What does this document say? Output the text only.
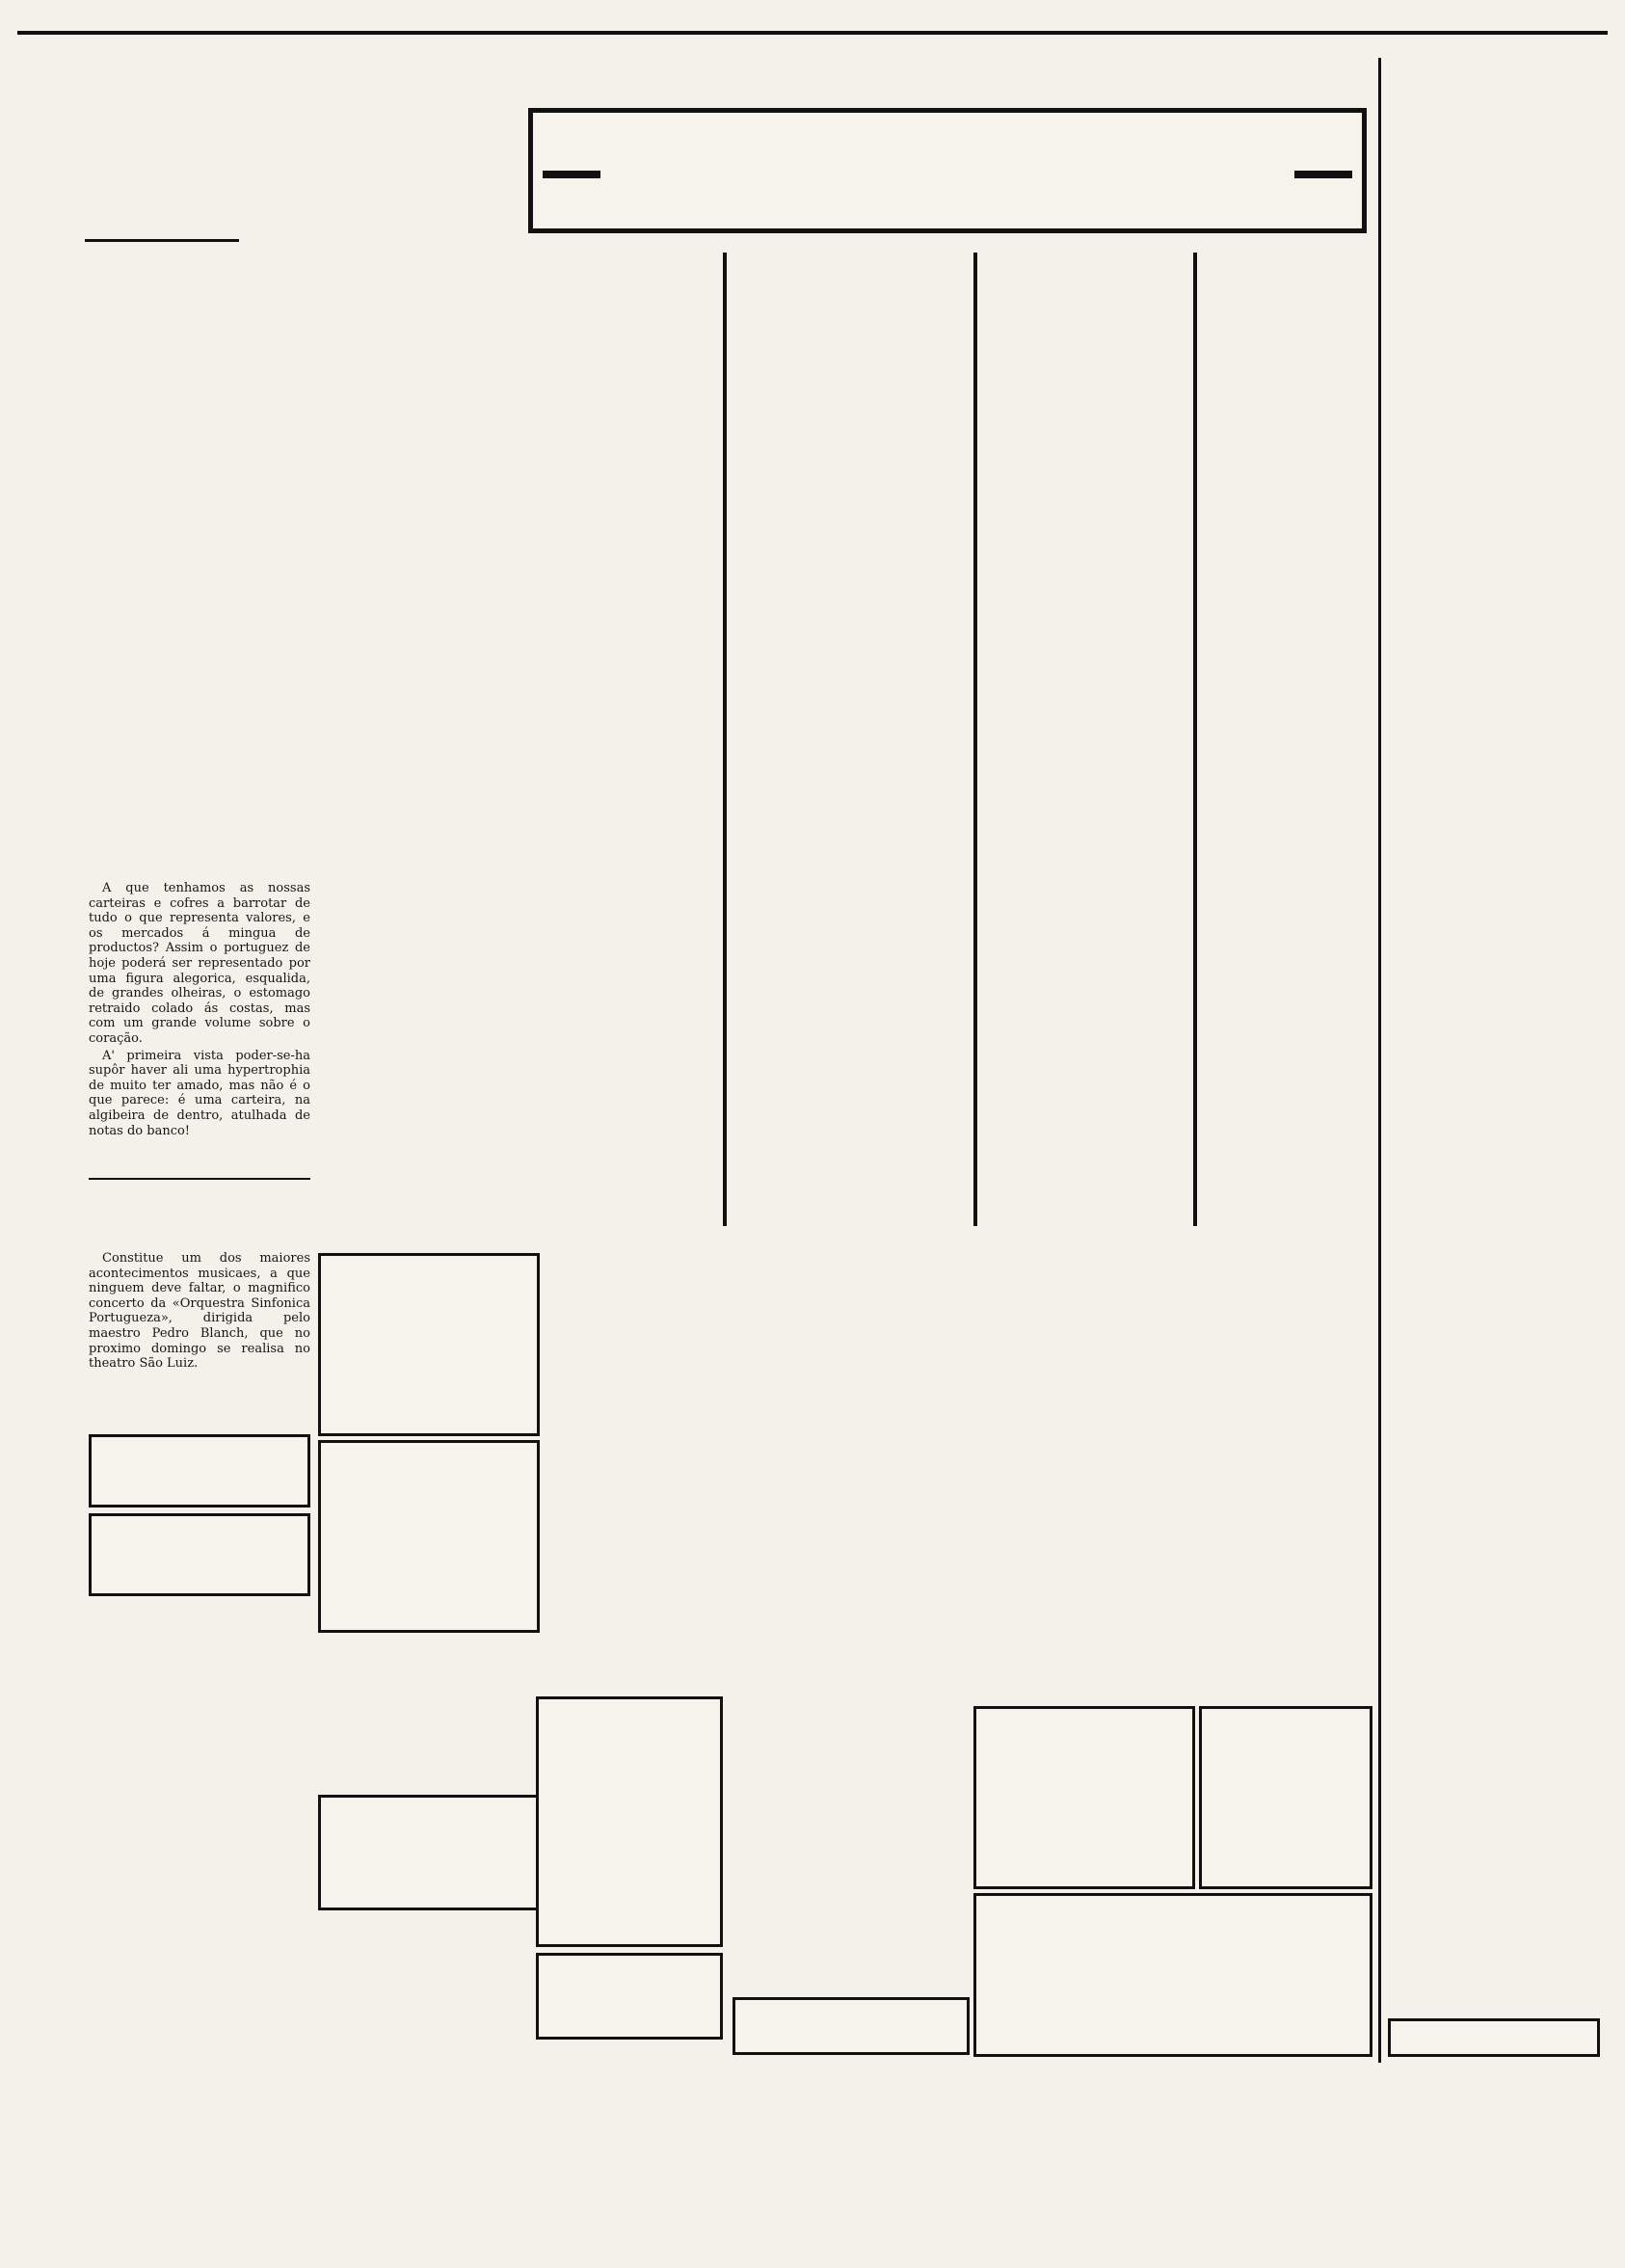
A que tenhamos as nossas carteiras e cofres a barrotar de tudo o que representa valores, e os mercados á mingua de productos? Assim o portuguez de hoje poderá ser representado por uma figura alegorica, esqualida, de grandes olheiras, o estomago retraido colado ás costas, mas com um grande volume sobre o coração.

A' primeira vista poder-se-ha supôr haver ali uma hypertrophia de muito ter amado, mas não é o que parece: é uma carteira, na algibeira de dentro, atulhada de notas do banco!

Constitue um dos maiores acontecimentos musicaes, a que ninguem deve faltar, o magnifico concerto da «Orquestra Sinfonica Portugueza», dirigida pelo maestro Pedro Blanch, que no proximo domingo se realisa no theatro São Luiz.
